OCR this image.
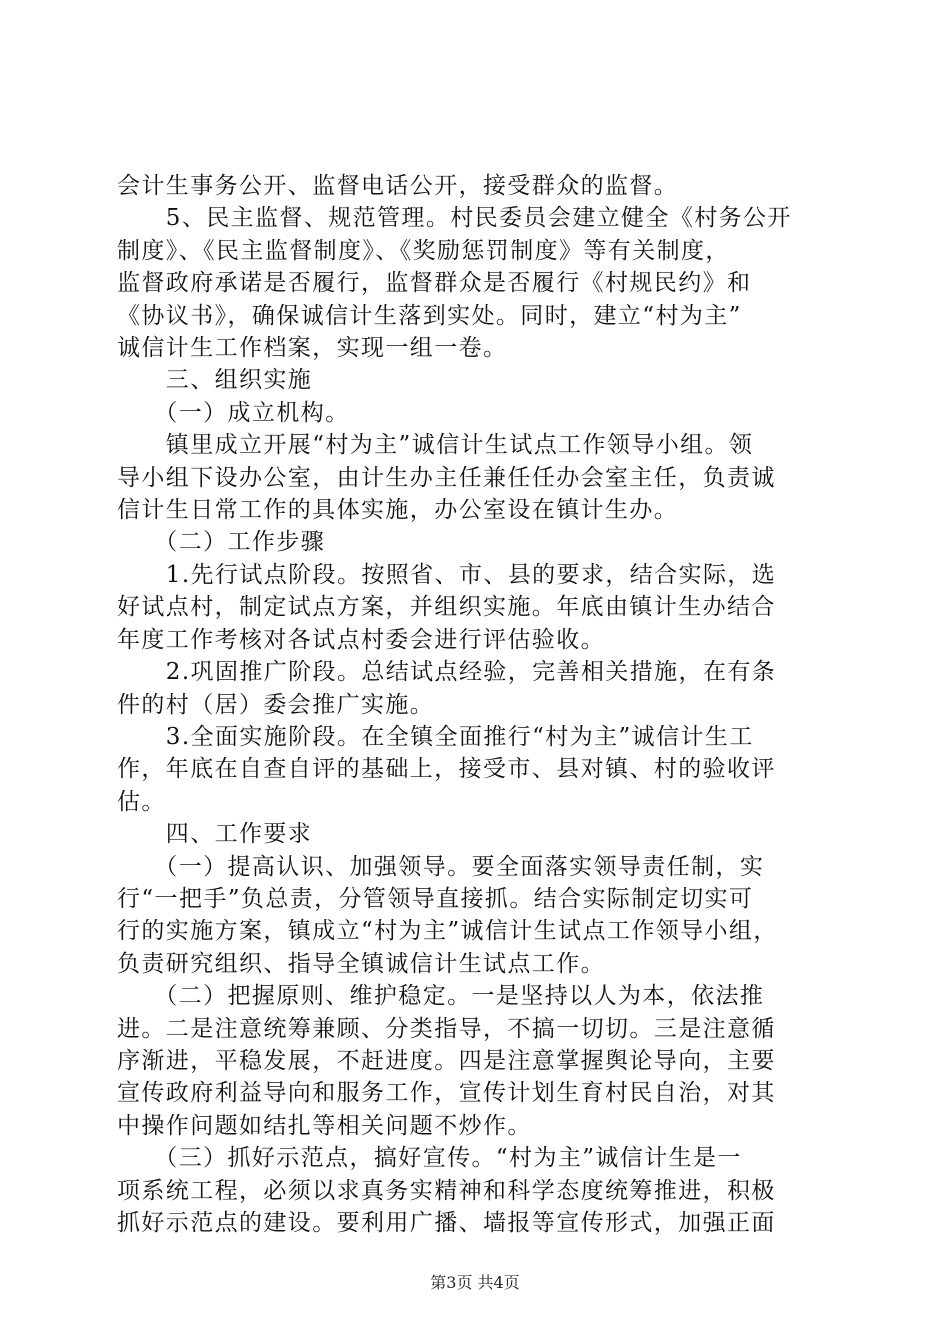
会计生事务公开、监督电话公开，接受群众的监督。

　　5、民主监督、规范管理。村民委员会建立健全《村务公开

制度》、《民主监督制度》、《奖励惩罚制度》等有关制度，

监督政府承诺是否履行，监督群众是否履行《村规民约》和

《协议书》，确保诚信计生落到实处。同时，建立“村为主”

诚信计生工作档案，实现一组一卷。

　　三、组织实施

　　（一）成立机构。

　　镇里成立开展“村为主”诚信计生试点工作领导小组。领

导小组下设办公室，由计生办主任兼任任办会室主任，负责诚

信计生日常工作的具体实施，办公室设在镇计生办。

　　（二）工作步骤

　　1.先行试点阶段。按照省、市、县的要求，结合实际，选

好试点村，制定试点方案，并组织实施。年底由镇计生办结合

年度工作考核对各试点村委会进行评估验收。

　　2.巩固推广阶段。总结试点经验，完善相关措施，在有条

件的村（居）委会推广实施。

　　3.全面实施阶段。在全镇全面推行“村为主”诚信计生工

作，年底在自查自评的基础上，接受市、县对镇、村的验收评

估。

　　四、工作要求

　　（一）提高认识、加强领导。要全面落实领导责任制，实

行“一把手”负总责，分管领导直接抓。结合实际制定切实可

行的实施方案，镇成立“村为主”诚信计生试点工作领导小组，

负责研究组织、指导全镇诚信计生试点工作。

　　（二）把握原则、维护稳定。一是坚持以人为本，依法推

进。二是注意统筹兼顾、分类指导，不搞一切切。三是注意循

序渐进，平稳发展，不赶进度。四是注意掌握舆论导向，主要

宣传政府利益导向和服务工作，宣传计划生育村民自治，对其

中操作问题如结扎等相关问题不炒作。

　　（三）抓好示范点，搞好宣传。“村为主”诚信计生是一

项系统工程，必须以求真务实精神和科学态度统筹推进，积极

抓好示范点的建设。要利用广播、墙报等宣传形式，加强正面

第3页 共4页
